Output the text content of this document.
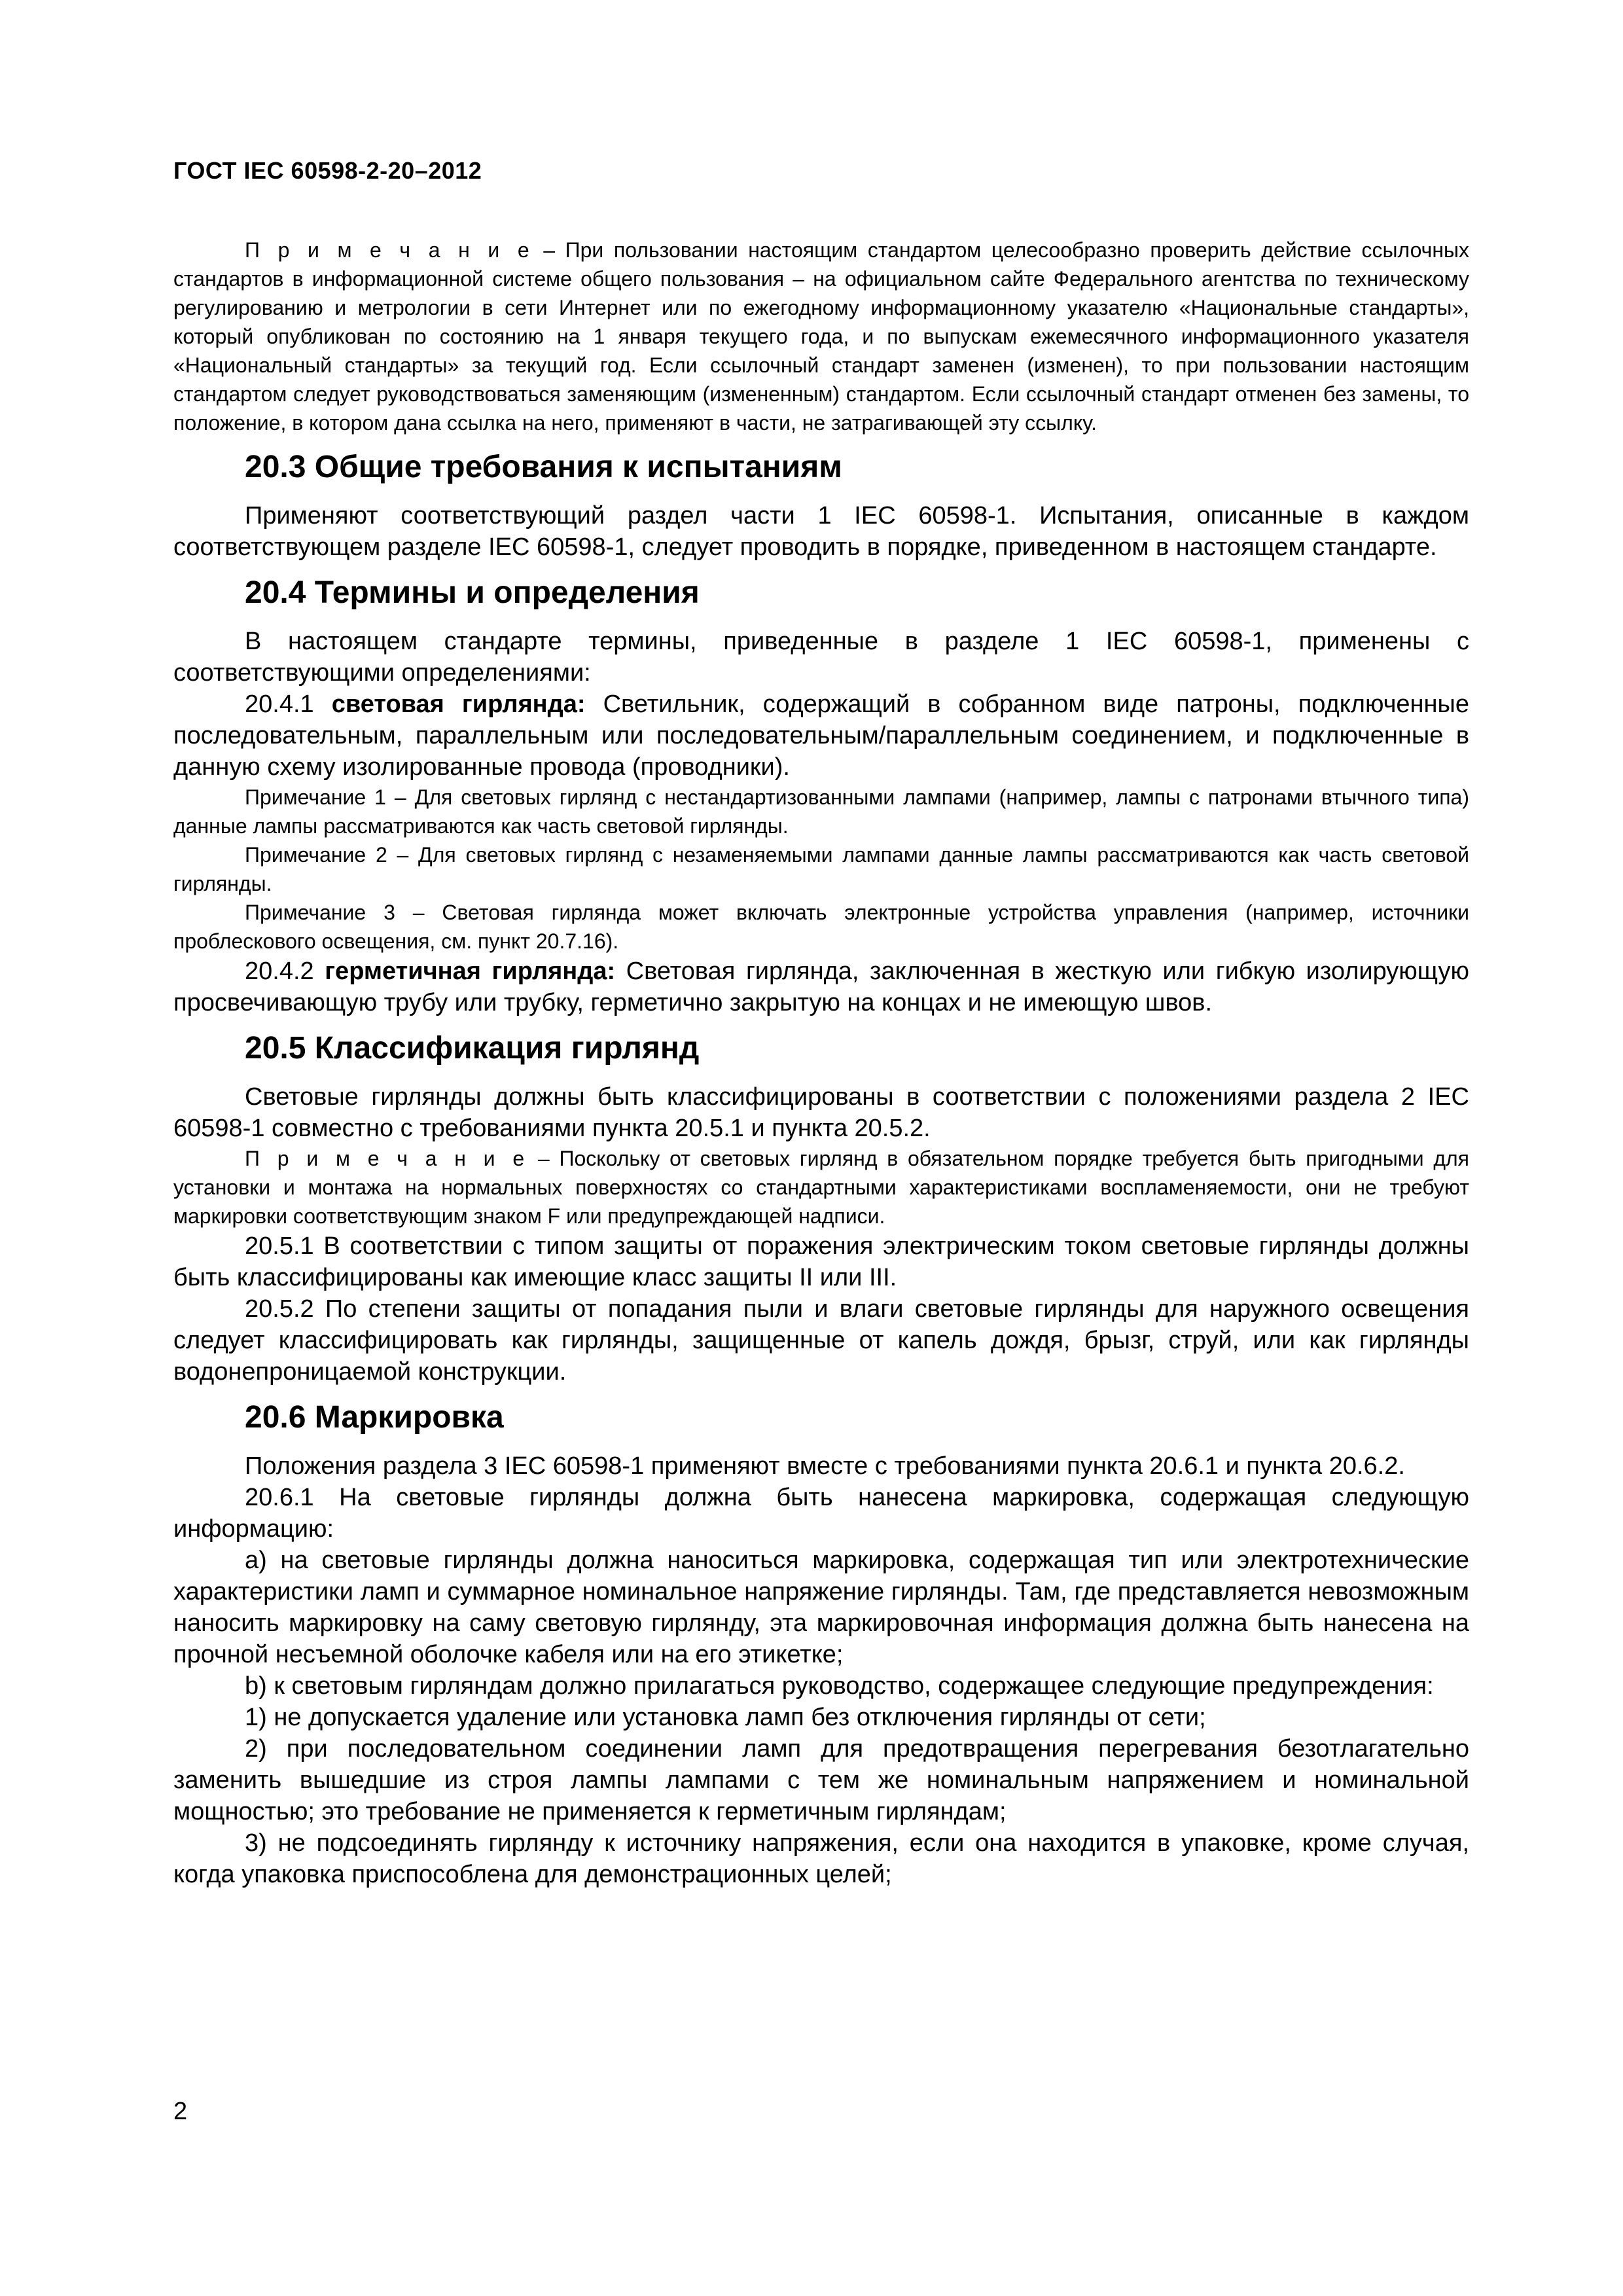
ГОСТ IEC 60598-2-20–2012

П р и м е ч а н и е – При пользовании настоящим стандартом целесообразно проверить действие ссылочных стандартов в информационной системе общего пользования – на официальном сайте Федерального агентства по техническому регулированию и метрологии в сети Интернет или по ежегодному информационному указателю «Национальные стандарты», который опубликован по состоянию на 1 января текущего года, и по выпускам ежемесячного информационного указателя «Национальный стандарты» за текущий год. Если ссылочный стандарт заменен (изменен), то при пользовании настоящим стандартом следует руководствоваться заменяющим (измененным) стандартом. Если ссылочный стандарт отменен без замены, то положение, в котором дана ссылка на него, применяют в части, не затрагивающей эту ссылку.

20.3 Общие требования к испытаниям

Применяют соответствующий раздел части 1 IEC 60598-1. Испытания, описанные в каждом соответствующем разделе IEC 60598-1, следует проводить в порядке, приведенном в настоящем стандарте.

20.4 Термины и определения

В настоящем стандарте термины, приведенные в разделе 1 IEC 60598-1, применены с соответствующими определениями:

20.4.1 световая гирлянда: Светильник, содержащий в собранном виде патроны, подключенные последовательным, параллельным или последовательным/параллельным соединением, и подключенные в данную схему изолированные провода (проводники).

Примечание 1 – Для световых гирлянд с нестандартизованными лампами (например, лампы с патронами втычного типа) данные лампы рассматриваются как часть световой гирлянды.

Примечание 2 – Для световых гирлянд с незаменяемыми лампами данные лампы рассматриваются как часть световой гирлянды.

Примечание 3 – Световая гирлянда может включать электронные устройства управления (например, источники проблескового освещения, см. пункт 20.7.16).

20.4.2 герметичная гирлянда: Световая гирлянда, заключенная в жесткую или гибкую изолирующую просвечивающую трубу или трубку, герметично закрытую на концах и не имеющую швов.

20.5 Классификация гирлянд

Световые гирлянды должны быть классифицированы в соответствии с положениями раздела 2 IEC 60598-1 совместно с требованиями пункта 20.5.1 и пункта 20.5.2.

П р и м е ч а н и е – Поскольку от световых гирлянд в обязательном порядке требуется быть пригодными для установки и монтажа на нормальных поверхностях со стандартными характеристиками воспламеняемости, они не требуют маркировки соответствующим знаком F или предупреждающей надписи.

20.5.1 В соответствии с типом защиты от поражения электрическим током световые гирлянды должны быть классифицированы как имеющие класс защиты II или III.

20.5.2 По степени защиты от попадания пыли и влаги световые гирлянды для наружного освещения следует классифицировать как гирлянды, защищенные от капель дождя, брызг, струй, или как гирлянды водонепроницаемой конструкции.

20.6 Маркировка

Положения раздела 3 IEC 60598-1 применяют вместе с требованиями пункта 20.6.1 и пункта 20.6.2.

20.6.1 На световые гирлянды должна быть нанесена маркировка, содержащая следующую информацию:

а) на световые гирлянды должна наноситься маркировка, содержащая тип или электротехнические характеристики ламп и суммарное номинальное напряжение гирлянды. Там, где представляется невозможным наносить маркировку на саму световую гирлянду, эта маркировочная информация должна быть нанесена на прочной несъемной оболочке кабеля или на его этикетке;

b) к световым гирляндам должно прилагаться руководство, содержащее следующие предупреждения:

1) не допускается удаление или установка ламп без отключения гирлянды от сети;

2) при последовательном соединении ламп для предотвращения перегревания безотлагательно заменить вышедшие из строя лампы лампами с тем же номинальным напряжением и номинальной мощностью; это требование не применяется к герметичным гирляндам;

3) не подсоединять гирлянду к источнику напряжения, если она находится в упаковке, кроме случая, когда упаковка приспособлена для демонстрационных целей;

2
